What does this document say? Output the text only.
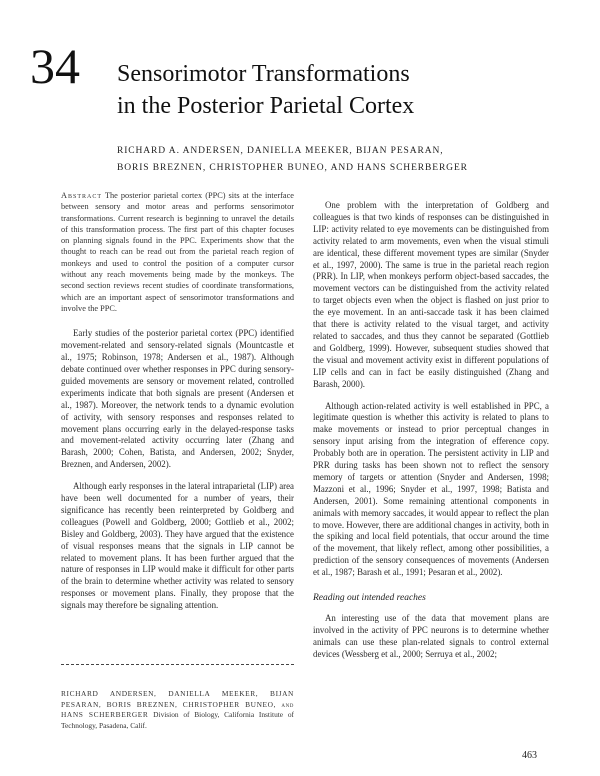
34 Sensorimotor Transformations
in the Posterior Parietal Cortex
RICHARD A. ANDERSEN, DANIELLA MEEKER, BIJAN PESARAN,
BORIS BREZNEN, CHRISTOPHER BUNEO, AND HANS SCHERBERGER

Abstract The posterior parietal cortex (PPC) sits at the interface between sensory and motor areas and performs sensorimotor transformations. Current research is beginning to unravel the details of this transformation process. The first part of this chapter focuses on planning signals found in the PPC. Experiments show that the thought to reach can be read out from the parietal reach region of monkeys and used to control the position of a computer cursor without any reach movements being made by the monkeys. The second section reviews recent studies of coordinate transformations, which are an important aspect of sensorimotor transformations and involve the PPC.

Early studies of the posterior parietal cortex (PPC) identified movement-related and sensory-related signals (Mountcastle et al., 1975; Robinson, 1978; Andersen et al., 1987). Although debate continued over whether responses in PPC during sensory-guided movements are sensory or movement related, controlled experiments indicate that both signals are present (Andersen et al., 1987). Moreover, the network tends to a dynamic evolution of activity, with sensory responses and responses related to movement plans occurring early in the delayed-response tasks and movement-related activity occurring later (Zhang and Barash, 2000; Cohen, Batista, and Andersen, 2002; Snyder, Breznen, and Andersen, 2002).

Although early responses in the lateral intraparietal (LIP) area have been well documented for a number of years, their significance has recently been reinterpreted by Goldberg and colleagues (Powell and Goldberg, 2000; Gottlieb et al., 2002; Bisley and Goldberg, 2003). They have argued that the existence of visual responses means that the signals in LIP cannot be related to movement plans. It has been further argued that the nature of responses in LIP would make it difficult for other parts of the brain to determine whether activity was related to sensory responses or movement plans. Finally, they propose that the signals may therefore be signaling attention.

RICHARD ANDERSEN, DANIELLA MEEKER, BIJAN PESARAN, BORIS BREZNEN, CHRISTOPHER BUNEO, and HANS SCHERBERGER Division of Biology, California Institute of Technology, Pasadena, Calif.

One problem with the interpretation of Goldberg and colleagues is that two kinds of responses can be distinguished in LIP: activity related to eye movements can be distinguished from activity related to arm movements, even when the visual stimuli are identical, these different movement types are similar (Snyder et al., 1997, 2000). The same is true in the parietal reach region (PRR). In LIP, when monkeys perform object-based saccades, the movement vectors can be distinguished from the activity related to target objects even when the object is flashed on just prior to the eye movement. In an anti-saccade task it has been claimed that there is activity related to the visual target, and activity related to saccades, and thus they cannot be separated (Gottlieb and Goldberg, 1999). However, subsequent studies showed that the visual and movement activity exist in different populations of LIP cells and can in fact be easily distinguished (Zhang and Barash, 2000).

Although action-related activity is well established in PPC, a legitimate question is whether this activity is related to plans to make movements or instead to prior perceptual changes in sensory input arising from the integration of efference copy. Probably both are in operation. The persistent activity in LIP and PRR during tasks has been shown not to reflect the sensory memory of targets or attention (Snyder and Andersen, 1998; Mazzoni et al., 1996; Snyder et al., 1997, 1998; Batista and Andersen, 2001). Some remaining attentional components in animals with memory saccades, it would appear to reflect the plan to move. However, there are additional changes in activity, both in the spiking and local field potentials, that occur around the time of the movement, that likely reflect, among other possibilities, a prediction of the sensory consequences of movements (Andersen et al., 1987; Barash et al., 1991; Pesaran et al., 2002).

Reading out intended reaches

An interesting use of the data that movement plans are involved in the activity of PPC neurons is to determine whether animals can use these plan-related signals to control external devices (Wessberg et al., 2000; Serruya et al., 2002;

463
